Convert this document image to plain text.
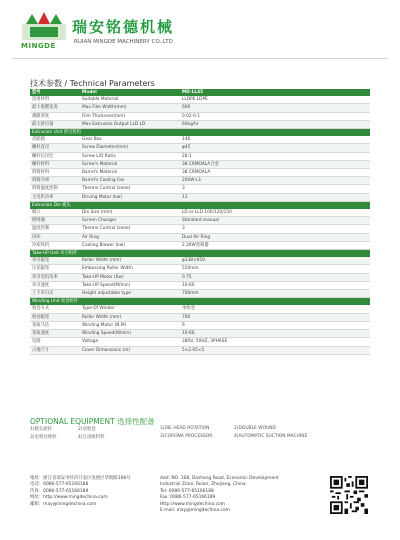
MINGDE
瑞安铭德机械
RUIAN MINGDE MACHINERY CO.,LTD
技术参数 / Technical Parameters
型号	Model	MD-LL45
适用材料	Suitable Material	LLDPE LDPE
最大收膜宽度	Max Film Width(mm)	600
薄膜厚度	Film Thickness(mm)	0.02-0.1
最大挤出量	Max Extrusion Output LLD LD	60kg/hr
Extrusion Unit 挤出机组		
齿轮箱	Gear Box	146
螺杆直径	Screw Diameter(mm)	φ45
螺杆长径比	Screw L/D Ratio	28:1
螺杆材料	Screw's Material	38 CRMOALA合金
料筒材料	Barrel's Material	38 CRMOALA
料筒冷却	Barrel's Cooling Fan	200W×3
料筒温度控制	Thermo Control (zone)	3
主电机功率	Driving Motor (kw)	11
Extrusion Die 模头		
模口	Die Size (mm)	LD or LLD:100/120/150
换网器	Screen Changer	Standard manual
温度控制	Thermo Control (zone)	3
风环	Air Ring	Dual Air Ring
冷却风机	Cooling Blower (kw)	2.2KW变频器
Take-UP Unit 牵引组件		
牵引辊宽	Roller Width (mm)	φ138×650
压花辊宽	Embossing Roller Width	550mm
牵引电机功率	Take-UP Motor (Kw)	0.75
牵引速度	Take-UP Speed(M/min)	10-60
上下牵引式	Height adjustable type	700mm
Winding Unit 收卷组件		
收卷方式	Type Of Winder	单收卷
收卷辊宽	Roller Width (mm)	700
卷取马达	Winding Motor (N.M)	6
卷取速度	Winding Speed(M/min)	10-60
电源	Voltage	380V, 50HZ, 3PHASE
占地尺寸	Cover Dimensions (m)	5×2.05×5
OPTIONAL EQUIPMENT 选择性配备
1)模头旋转	2)双收卷	1)DIE HEAD ROTATION	2)DOUBLE WOUND
3)电晕处理机	4)自动吸料机	3)CORONA PROCESSOR	4)AUTOMATIC SUCTION MACHINE
地址：浙江省瑞安市经济开发区发展区华航路168号
电话：0086-577-65166188
传真：0086-577-65166189
网址：http://www.mingdechina.com
邮箱：may@mingdechina.com
Add: NO. 168, Dashang Road, Economic Development
Industrial Zone, Ruian, Zhejiang, China
Tel: 0086-577-65166188
Fax: 0086-577-65166189
Http://www.mingdechina.com
E-mail: may@mingdechina.com
